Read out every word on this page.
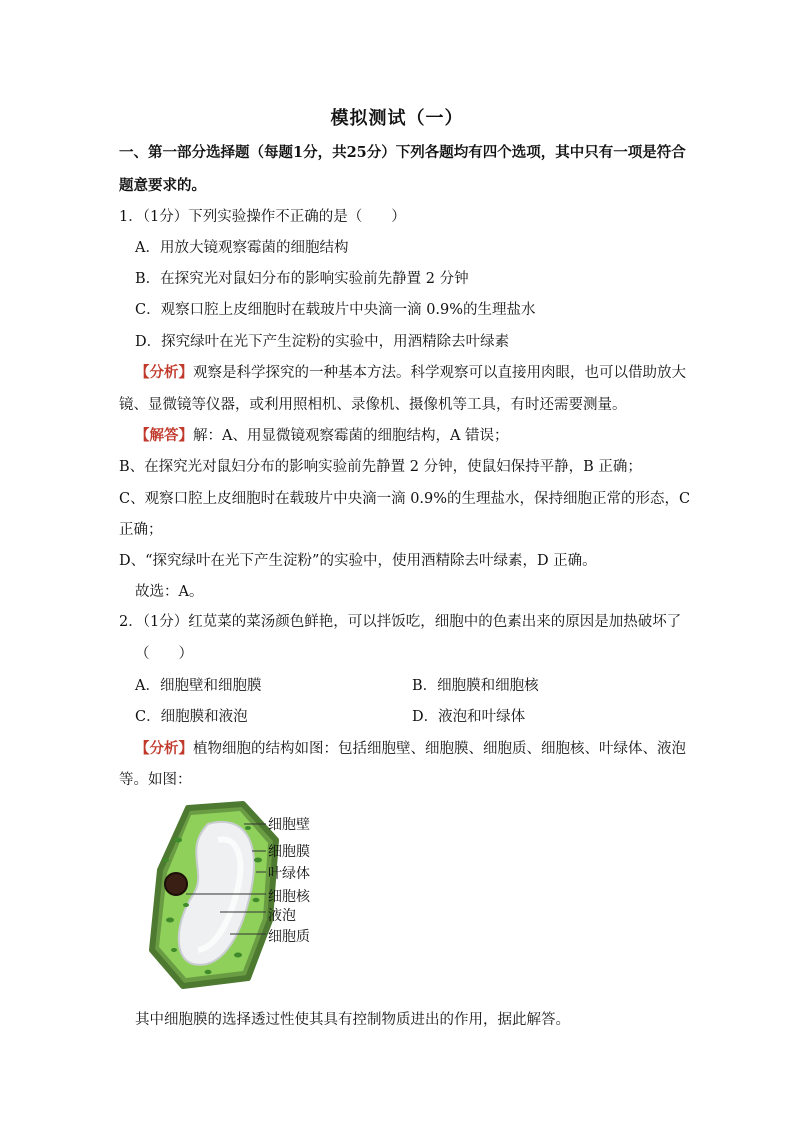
模拟测试（一）
一、第一部分选择题（每题1分，共25分）下列各题均有四个选项，其中只有一项是符合
题意要求的。
1．（1分）下列实验操作不正确的是（　　）
A．用放大镜观察霉菌的细胞结构
B．在探究光对鼠妇分布的影响实验前先静置 2 分钟
C．观察口腔上皮细胞时在载玻片中央滴一滴 0.9%的生理盐水
D．探究绿叶在光下产生淀粉的实验中，用酒精除去叶绿素
【分析】观察是科学探究的一种基本方法。科学观察可以直接用肉眼，也可以借助放大
镜、显微镜等仪器，或利用照相机、录像机、摄像机等工具，有时还需要测量。
【解答】解：A、用显微镜观察霉菌的细胞结构，A 错误；
B、在探究光对鼠妇分布的影响实验前先静置 2 分钟，使鼠妇保持平静，B 正确；
C、观察口腔上皮细胞时在载玻片中央滴一滴 0.9%的生理盐水，保持细胞正常的形态，C
正确；
D、“探究绿叶在光下产生淀粉”的实验中，使用酒精除去叶绿素，D 正确。
故选：A。
2．（1分）红苋菜的菜汤颜色鲜艳，可以拌饭吃，细胞中的色素出来的原因是加热破坏了
（　　）
A．细胞壁和细胞膜	B．细胞膜和细胞核
C．细胞膜和液泡	D．液泡和叶绿体
【分析】植物细胞的结构如图：包括细胞壁、细胞膜、细胞质、细胞核、叶绿体、液泡
等。如图：
细胞壁
细胞膜
叶绿体
细胞核
液泡
细胞质
其中细胞膜的选择透过性使其具有控制物质进出的作用，据此解答。
